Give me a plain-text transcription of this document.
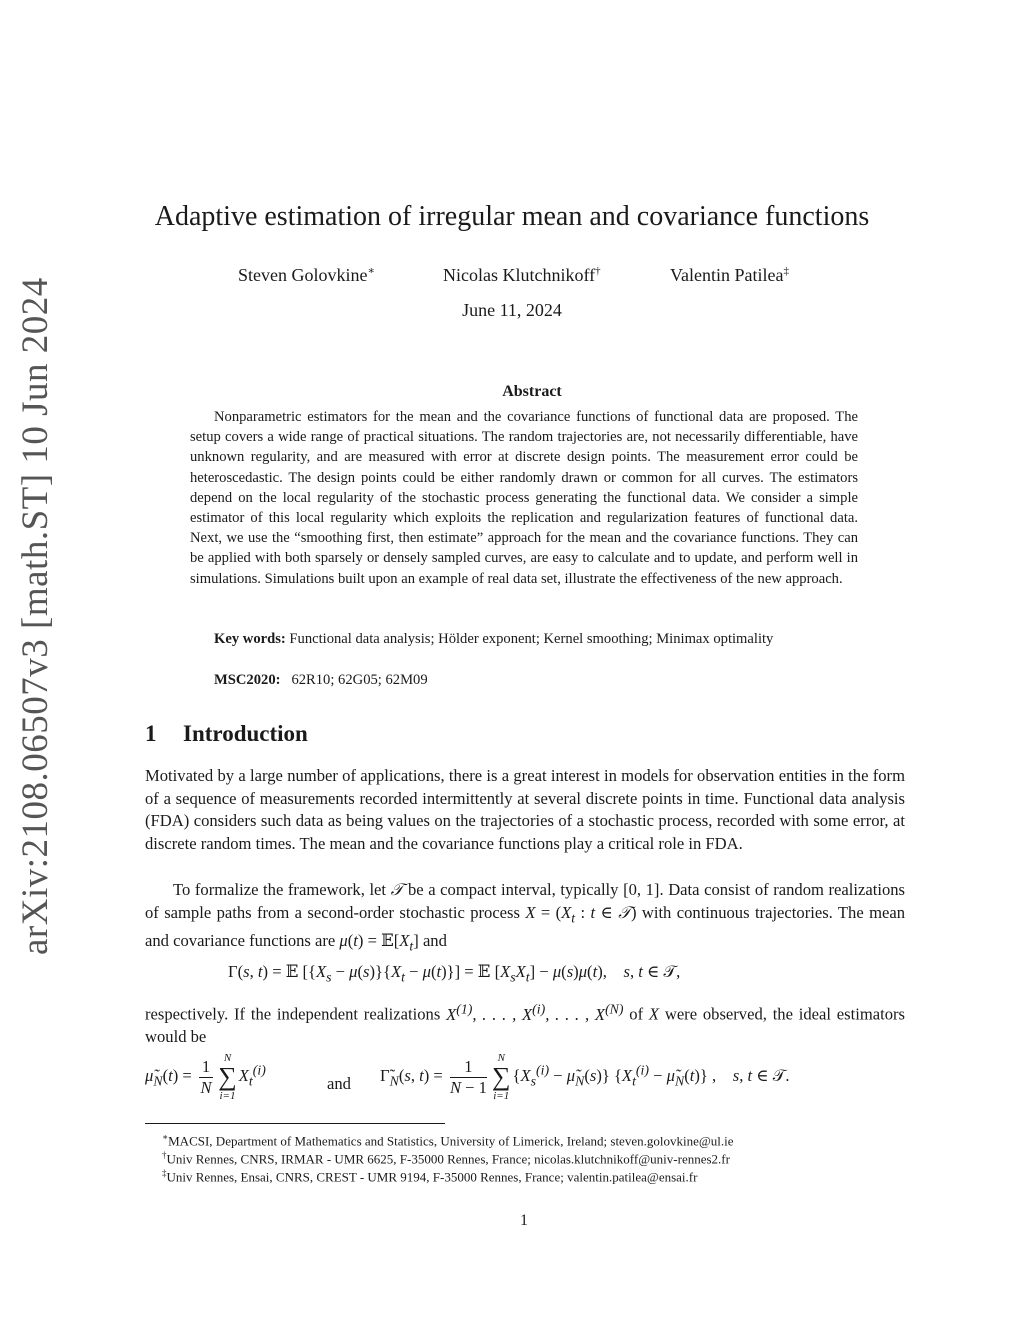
arXiv:2108.06507v3 [math.ST] 10 Jun 2024
Adaptive estimation of irregular mean and covariance functions
Steven Golovkine∗	Nicolas Klutchnikoff†	Valentin Patilea‡
June 11, 2024
Abstract

Nonparametric estimators for the mean and the covariance functions of functional data are proposed. The setup covers a wide range of practical situations. The random trajectories are, not necessarily differentiable, have unknown regularity, and are measured with error at discrete design points. The measurement error could be heteroscedastic. The design points could be either randomly drawn or common for all curves. The estimators depend on the local regularity of the stochastic process generating the functional data. We consider a simple estimator of this local regularity which exploits the replication and regularization features of functional data. Next, we use the “smoothing first, then estimate” approach for the mean and the covariance functions. They can be applied with both sparsely or densely sampled curves, are easy to calculate and to update, and perform well in simulations. Simulations built upon an example of real data set, illustrate the effectiveness of the new approach.

Key words: Functional data analysis; Hölder exponent; Kernel smoothing; Minimax optimality
MSC2020: 62R10; 62G05; 62M09
1 Introduction

Motivated by a large number of applications, there is a great interest in models for observation entities in the form of a sequence of measurements recorded intermittently at several discrete points in time. Functional data analysis (FDA) considers such data as being values on the trajectories of a stochastic process, recorded with some error, at discrete random times. The mean and the covariance functions play a critical role in FDA.

To formalize the framework, let 𝒯 be a compact interval, typically [0, 1]. Data consist of random realizations of sample paths from a second-order stochastic process $X = (X_t$ : t ∈ 𝒯) with continuous trajectories. The mean and covariance functions are $\mu(t) = 𝔼[X_t]$ and

Γ(s, t) = 𝔼 $[\{X_s - \mu(s)\}\{X_t - \mu(t)\}]$ = 𝔼 $[X_sX_t] - \mu(s)\mu(t)$,    s, t ∈ 𝒯,

respectively. If the independent realizations $X^{(1)}$, . . . , $X^{(i)}$, . . . , $X^{(N)}$ of X were observed, the ideal estimators would be

$\mũ_N(t) = \frac{1}{N}$ N
∑
i=1
$X_t^{(i)}$
and $\Gammã_N(s$, $t) = \frac{1}{N - 1}$ N
∑
i=1
{$X_s^{(i)}$ − $\mũ_N(s)$} {$X_t^{(i)}$ − $\mũ_N(t)$} ,    s, t ∈ 𝒯.
∗MACSI, Department of Mathematics and Statistics, University of Limerick, Ireland; steven.golovkine@ul.ie
†Univ Rennes, CNRS, IRMAR - UMR 6625, F-35000 Rennes, France; nicolas.klutchnikoff@univ-rennes2.fr
‡Univ Rennes, Ensai, CNRS, CREST - UMR 9194, F-35000 Rennes, France; valentin.patilea@ensai.fr
1
